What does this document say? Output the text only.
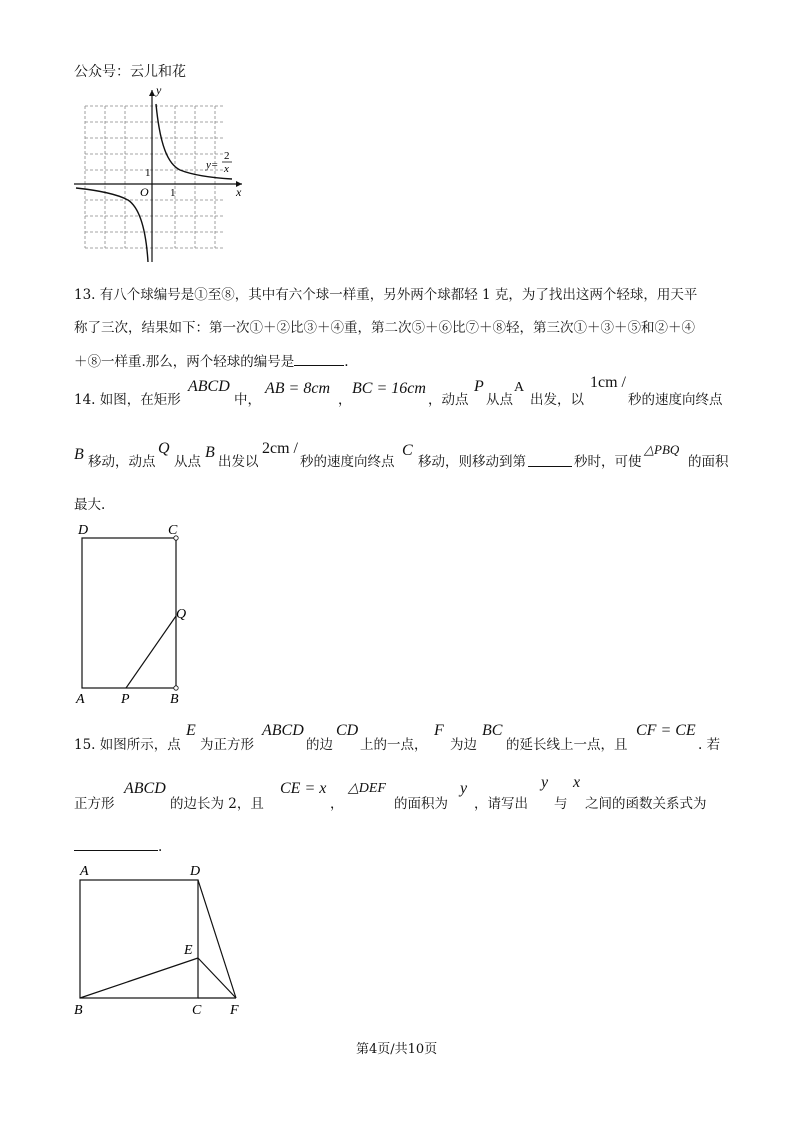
公众号：云儿和花
y
x
O
1
1
y=
2
x
13. 有八个球编号是①至⑧，其中有六个球一样重，另外两个球都轻 1 克，为了找出这两个轻球，用天平
称了三次，结果如下：第一次①＋②比③＋④重，第二次⑤＋⑥比⑦＋⑧轻，第三次①＋③＋⑤和②＋④
＋⑧一样重.那么，两个轻球的编号是	.
14. 如图，在矩形
ABCD
中，
AB = 8cm
，
BC = 16cm
，动点
P
从点
A
出发，以
1cm /
秒的速度向终点
B 移动，动点
Q
从点
B
出发以
2cm /
秒的速度向终点
C
移动，则移动到第	秒时，可使
△PBQ
的面积
最大.
D	C
Q
A	P	B
15. 如图所示，点
E
为正方形
ABCD
的边
CD
上的一点，
F
为边
BC
的延长线上一点，且
CF = CE
. 若
正方形
ABCD
的边长为 2，且
CE = x
，
△DEF
的面积为
y
，请写出
y
与
x
之间的函数关系式为
.
A	D
E
B	C F
第4页/共10页
